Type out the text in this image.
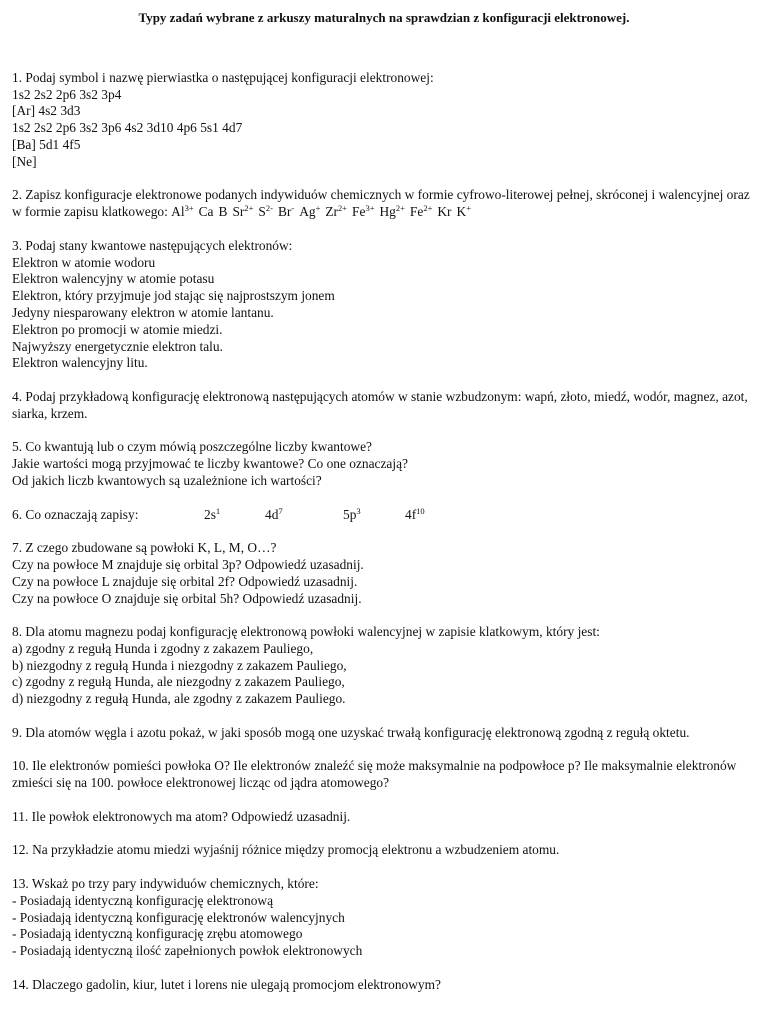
Typy zadań wybrane z arkuszy maturalnych na sprawdzian z konfiguracji elektronowej.
1. Podaj symbol i nazwę pierwiastka o następującej konfiguracji elektronowej:
1s2 2s2 2p6 3s2 3p4
[Ar] 4s2 3d3
1s2 2s2 2p6 3s2 3p6 4s2 3d10 4p6 5s1 4d7
[Ba] 5d1 4f5
[Ne]
2. Zapisz konfiguracje elektronowe podanych indywiduów chemicznych w formie cyfrowo-literowej pełnej, skróconej i walencyjnej oraz w formie zapisu klatkowego: $Al^{3+}$ Ca B $Sr^{2+}$ $S^{2-}$ Br- Ag+ $Zr^{2+}$ $Fe^{3+}$ $Hg^{2+}$ $Fe^{2+}$ Kr K+
3. Podaj stany kwantowe następujących elektronów:
Elektron w atomie wodoru
Elektron walencyjny w atomie potasu
Elektron, który przyjmuje jod stając się najprostszym jonem
Jedyny niesparowany elektron w atomie lantanu.
Elektron po promocji w atomie miedzi.
Najwyższy energetycznie elektron talu.
Elektron walencyjny litu.
4. Podaj przykładową konfigurację elektronową następujących atomów w stanie wzbudzonym: wapń, złoto, miedź, wodór, magnez, azot, siarka, krzem.
5. Co kwantują lub o czym mówią poszczególne liczby kwantowe?
Jakie wartości mogą przyjmować te liczby kwantowe? Co one oznaczają?
Od jakich liczb kwantowych są uzależnione ich wartości?
6. Co oznaczają zapisy:	$2s^1$	$4d^7$	$5p^3$	$4f^{10}$
7. Z czego zbudowane są powłoki K, L, M, O…?
Czy na powłoce M znajduje się orbital 3p? Odpowiedź uzasadnij.
Czy na powłoce L znajduje się orbital 2f? Odpowiedź uzasadnij.
Czy na powłoce O znajduje się orbital 5h? Odpowiedź uzasadnij.
8. Dla atomu magnezu podaj konfigurację elektronową powłoki walencyjnej w zapisie klatkowym, który jest:
a) zgodny z regułą Hunda i zgodny z zakazem Pauliego,
b) niezgodny z regułą Hunda i niezgodny z zakazem Pauliego,
c) zgodny z regułą Hunda, ale niezgodny z zakazem Pauliego,
d) niezgodny z regułą Hunda, ale zgodny z zakazem Pauliego.
9. Dla atomów węgla i azotu pokaż, w jaki sposób mogą one uzyskać trwałą konfigurację elektronową zgodną z regułą oktetu.
10. Ile elektronów pomieści powłoka O? Ile elektronów znaleźć się może maksymalnie na podpowłoce p? Ile maksymalnie elektronów zmieści się na 100. powłoce elektronowej licząc od jądra atomowego?
11. Ile powłok elektronowych ma atom? Odpowiedź uzasadnij.
12. Na przykładzie atomu miedzi wyjaśnij różnice między promocją elektronu a wzbudzeniem atomu.
13. Wskaż po trzy pary indywiduów chemicznych, które:
- Posiadają identyczną konfigurację elektronową
- Posiadają identyczną konfigurację elektronów walencyjnych
- Posiadają identyczną konfigurację zrębu atomowego
- Posiadają identyczną ilość zapełnionych powłok elektronowych
14. Dlaczego gadolin, kiur, lutet i lorens nie ulegają promocjom elektronowym?
